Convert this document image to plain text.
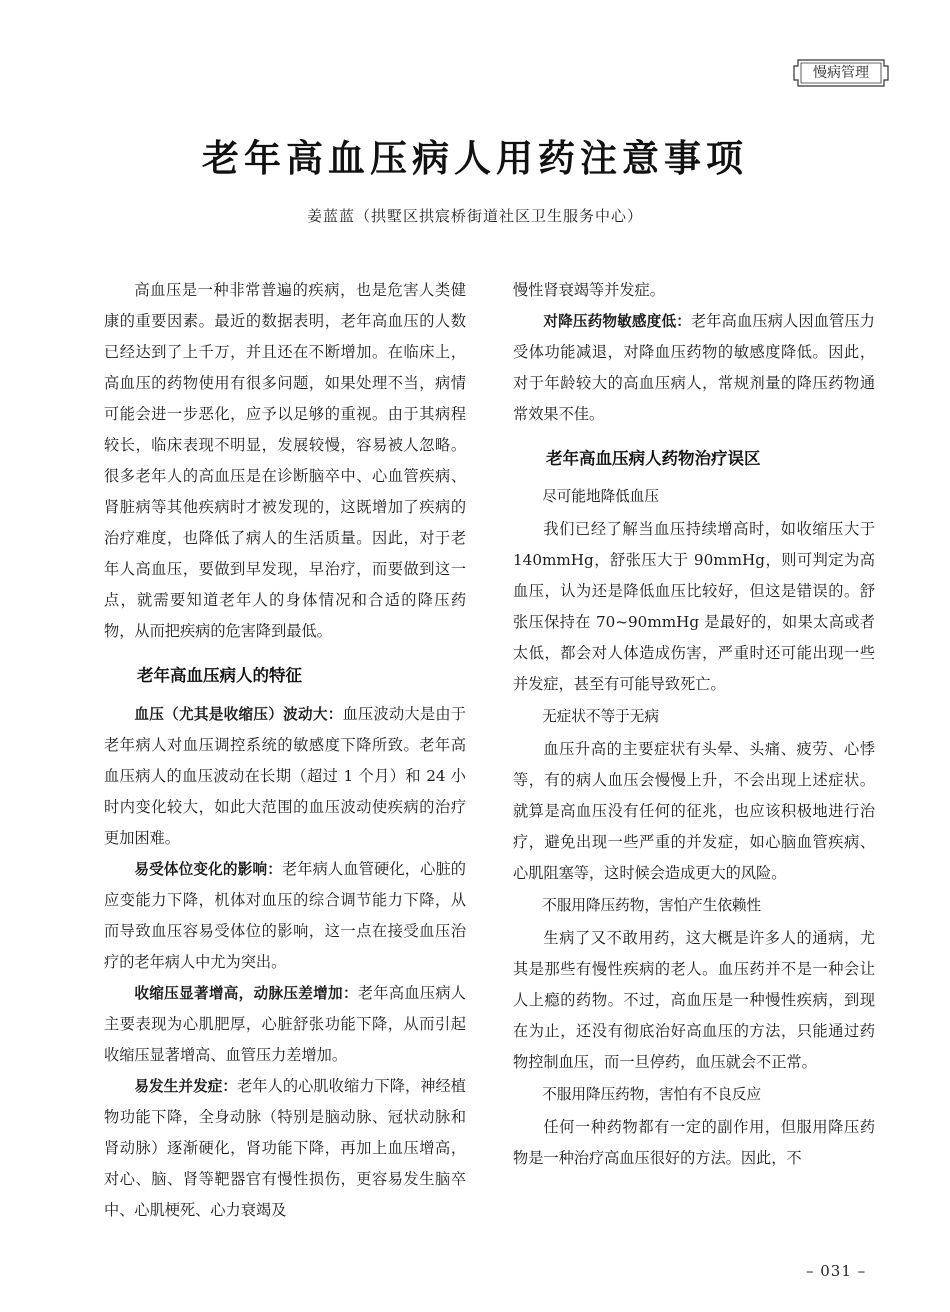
慢病管理
老年高血压病人用药注意事项
姜蓝蓝（拱墅区拱宸桥街道社区卫生服务中心）

高血压是一种非常普遍的疾病，也是危害人类健康的重要因素。最近的数据表明，老年高血压的人数已经达到了上千万，并且还在不断增加。在临床上，高血压的药物使用有很多问题，如果处理不当，病情可能会进一步恶化，应予以足够的重视。由于其病程较长，临床表现不明显，发展较慢，容易被人忽略。很多老年人的高血压是在诊断脑卒中、心血管疾病、肾脏病等其他疾病时才被发现的，这既增加了疾病的治疗难度，也降低了病人的生活质量。因此，对于老年人高血压，要做到早发现，早治疗，而要做到这一点，就需要知道老年人的身体情况和合适的降压药物，从而把疾病的危害降到最低。

老年高血压病人的特征

血压（尤其是收缩压）波动大：血压波动大是由于老年病人对血压调控系统的敏感度下降所致。老年高血压病人的血压波动在长期（超过 1 个月）和 24 小时内变化较大，如此大范围的血压波动使疾病的治疗更加困难。

易受体位变化的影响：老年病人血管硬化，心脏的应变能力下降，机体对血压的综合调节能力下降，从而导致血压容易受体位的影响，这一点在接受血压治疗的老年病人中尤为突出。

收缩压显著增高，动脉压差增加：老年高血压病人主要表现为心肌肥厚，心脏舒张功能下降，从而引起收缩压显著增高、血管压力差增加。

易发生并发症：老年人的心肌收缩力下降，神经植物功能下降，全身动脉（特别是脑动脉、冠状动脉和肾动脉）逐渐硬化，肾功能下降，再加上血压增高，对心、脑、肾等靶器官有慢性损伤，更容易发生脑卒中、心肌梗死、心力衰竭及

慢性肾衰竭等并发症。

对降压药物敏感度低：老年高血压病人因血管压力受体功能减退，对降血压药物的敏感度降低。因此，对于年龄较大的高血压病人，常规剂量的降压药物通常效果不佳。

老年高血压病人药物治疗误区
尽可能地降低血压

我们已经了解当血压持续增高时，如收缩压大于 140mmHg，舒张压大于 90mmHg，则可判定为高血压，认为还是降低血压比较好，但这是错误的。舒张压保持在 70~90mmHg 是最好的，如果太高或者太低，都会对人体造成伤害，严重时还可能出现一些并发症，甚至有可能导致死亡。

无症状不等于无病

血压升高的主要症状有头晕、头痛、疲劳、心悸等，有的病人血压会慢慢上升，不会出现上述症状。就算是高血压没有任何的征兆，也应该积极地进行治疗，避免出现一些严重的并发症，如心脑血管疾病、心肌阻塞等，这时候会造成更大的风险。

不服用降压药物，害怕产生依赖性

生病了又不敢用药，这大概是许多人的通病，尤其是那些有慢性疾病的老人。血压药并不是一种会让人上瘾的药物。不过，高血压是一种慢性疾病，到现在为止，还没有彻底治好高血压的方法，只能通过药物控制血压，而一旦停药，血压就会不正常。

不服用降压药物，害怕有不良反应

任何一种药物都有一定的副作用，但服用降压药物是一种治疗高血压很好的方法。因此，不

– 031 –
